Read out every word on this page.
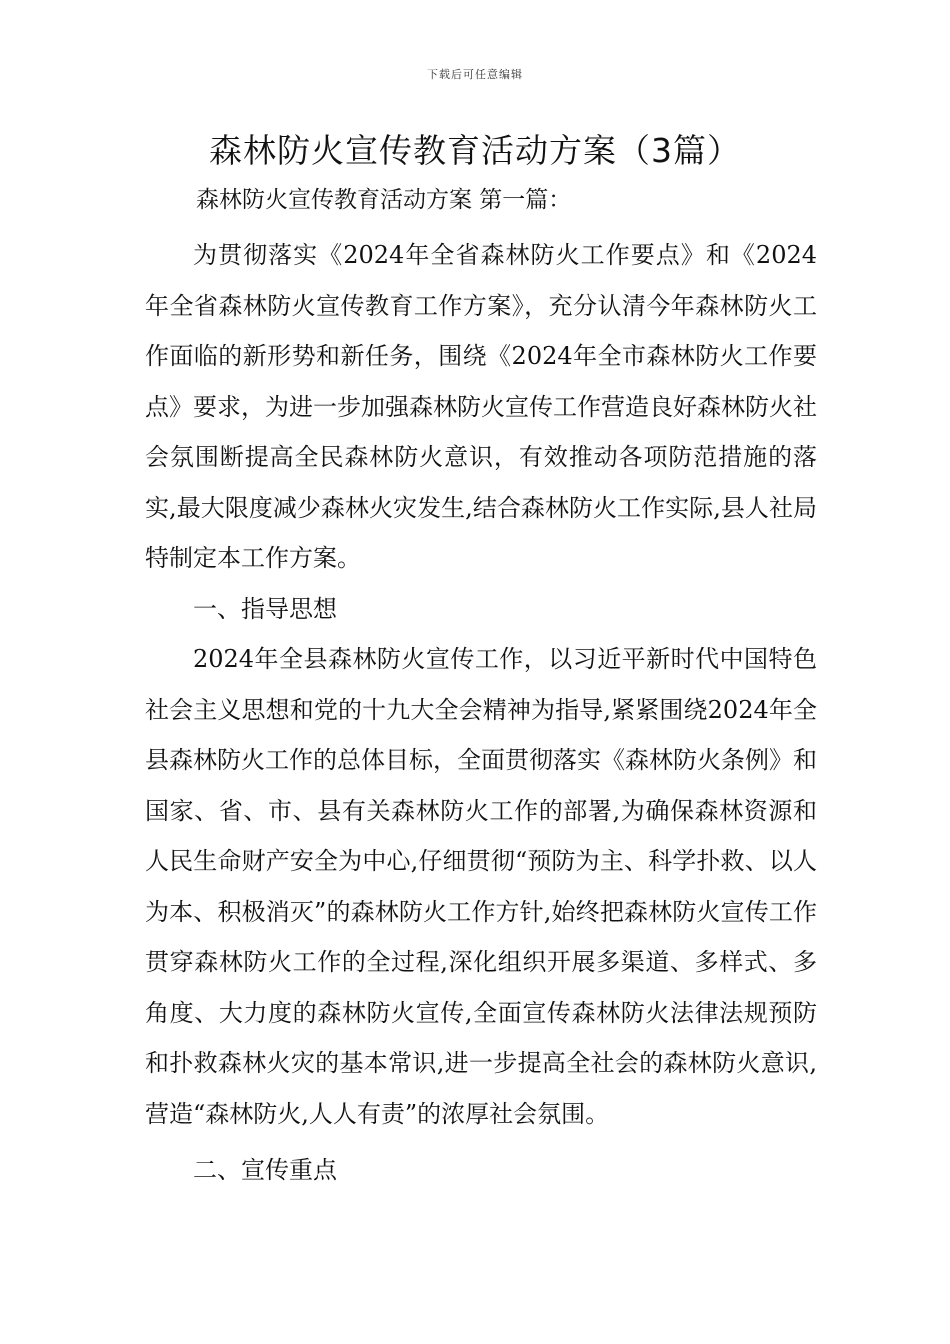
下载后可任意编辑
森林防火宣传教育活动方案（3篇）
森林防火宣传教育活动方案 第一篇：

为贯彻落实《2024年全省森林防火工作要点》和《2024年全省森林防火宣传教育工作方案》，充分认清今年森林防火工作面临的新形势和新任务，围绕《2024年全市森林防火工作要点》要求，为进一步加强森林防火宣传工作营造良好森林防火社会氛围断提高全民森林防火意识，有效推动各项防范措施的落实,最大限度减少森林火灾发生,结合森林防火工作实际,县人社局特制定本工作方案。

一、指导思想

2024年全县森林防火宣传工作，以习近平新时代中国特色社会主义思想和党的十九大全会精神为指导,紧紧围绕2024年全县森林防火工作的总体目标，全面贯彻落实《森林防火条例》和国家、省、市、县有关森林防火工作的部署,为确保森林资源和人民生命财产安全为中心,仔细贯彻“预防为主、科学扑救、以人为本、积极消灭”的森林防火工作方针,始终把森林防火宣传工作贯穿森林防火工作的全过程,深化组织开展多渠道、多样式、多角度、大力度的森林防火宣传,全面宣传森林防火法律法规预防和扑救森林火灾的基本常识,进一步提高全社会的森林防火意识,营造“森林防火,人人有责”的浓厚社会氛围。

二、宣传重点
